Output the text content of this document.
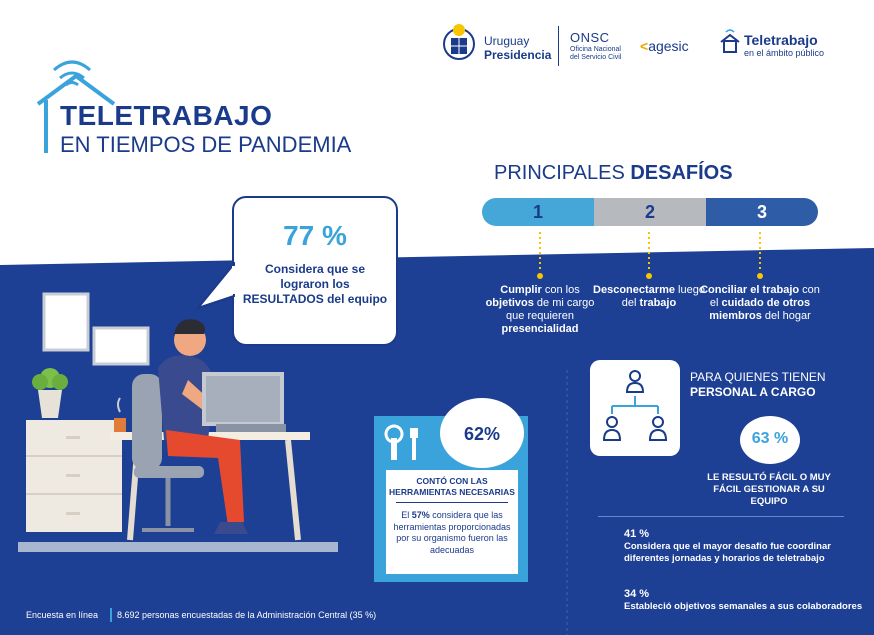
TELETRABAJO
EN TIEMPOS DE PANDEMIA
Uruguay
Presidencia
ONSC
Oficina Nacional
del Servicio Civil
<agesic	Teletrabajo
en el ámbito público
PRINCIPALES DESAFÍOS
1	2	3
Cumplir con los objetivos de mi cargo que requieren presencialidad
Desconectarme luego del trabajo
Conciliar el trabajo con el cuidado de otros miembros del hogar
77 %
Considera que se lograron los RESULTADOS del equipo
62%
CONTÓ CON LAS HERRAMIENTAS NECESARIAS
El 57% considera que las herramientas proporcionadas por su organismo fueron las adecuadas
PARA QUIENES TIENEN
PERSONAL A CARGO
63 %
LE RESULTÓ FÁCIL O MUY FÁCIL GESTIONAR A SU EQUIPO
41 %
Considera que el mayor desafío fue coordinar diferentes jornadas y horarios de teletrabajo
34 %
Estableció objetivos semanales a sus colaboradores
Encuesta en línea 8.692 personas encuestadas de la Administración Central (35 %)
